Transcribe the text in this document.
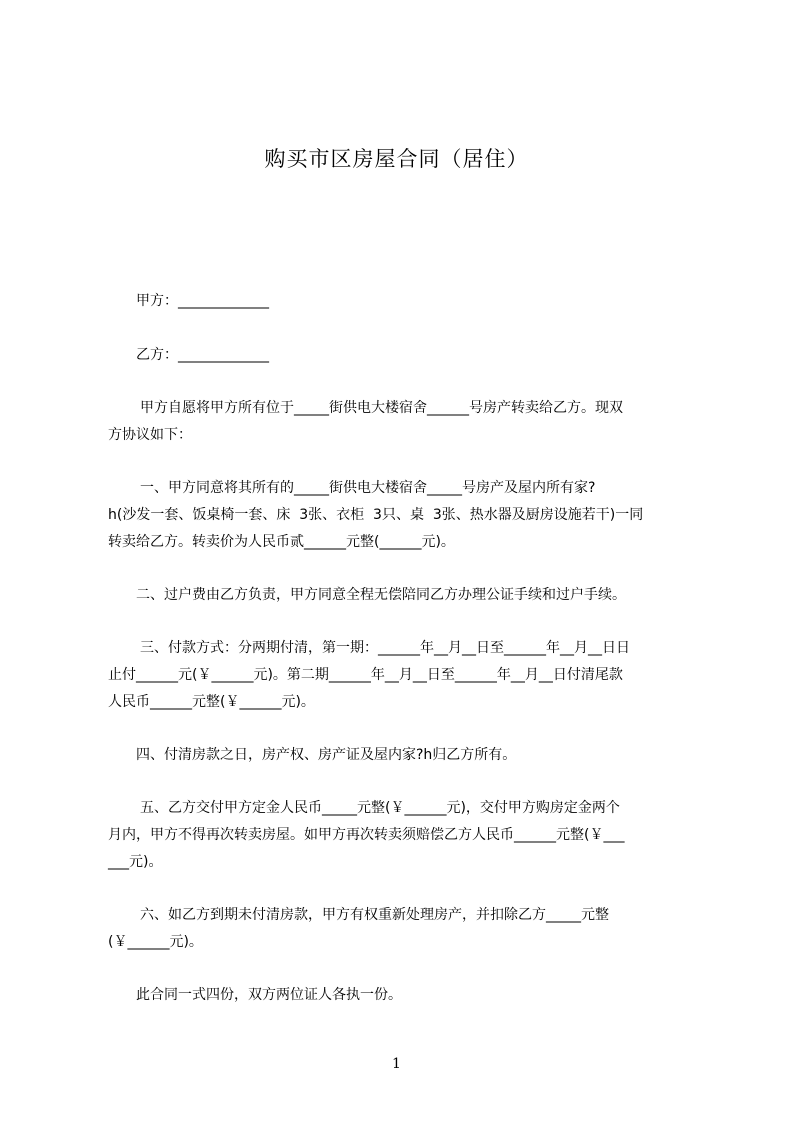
购买市区房屋合同（居住）
甲方：_____________
乙方：_____________
甲方自愿将甲方所有位于_____街供电大楼宿舍______号房产转卖给乙方。现双
方协议如下：
一、甲方同意将其所有的_____街供电大楼宿舍_____号房产及屋内所有家?
h(沙发一套、饭桌椅一套、床  3张、衣柜  3只、桌  3张、热水器及厨房设施若干)一同
转卖给乙方。转卖价为人民币贰______元整(______元)。
二、过户费由乙方负责，甲方同意全程无偿陪同乙方办理公证手续和过户手续。
三、付款方式：分两期付清，第一期：______年__月__日至______年__月__日日
止付______元(￥______元)。第二期______年__月__日至______年__月__日付清尾款
人民币______元整(￥______元)。
四、付清房款之日，房产权、房产证及屋内家?h归乙方所有。
五、乙方交付甲方定金人民币_____元整(￥______元)，交付甲方购房定金两个
月内，甲方不得再次转卖房屋。如甲方再次转卖须赔偿乙方人民币______元整(￥___
___元)。
六、如乙方到期未付清房款，甲方有权重新处理房产，并扣除乙方_____元整
(￥______元)。
此合同一式四份，双方两位证人各执一份。
1
